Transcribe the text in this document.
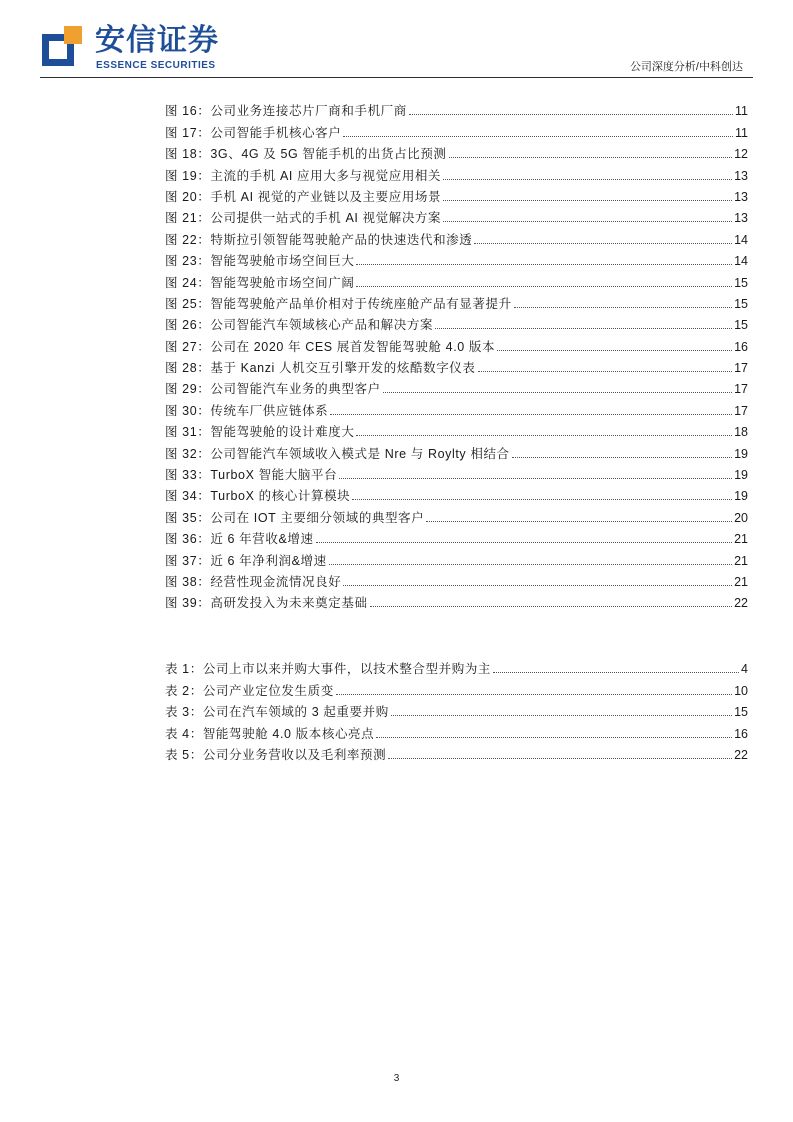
安信证券
ESSENCE SECURITIES	公司深度分析/中科创达
图 16：公司业务连接芯片厂商和手机厂商	11
图 17：公司智能手机核心客户	11
图 18：3G、4G 及 5G 智能手机的出货占比预测	12
图 19：主流的手机 AI 应用大多与视觉应用相关	13
图 20：手机 AI 视觉的产业链以及主要应用场景	13
图 21：公司提供一站式的手机 AI 视觉解决方案	13
图 22：特斯拉引领智能驾驶舱产品的快速迭代和渗透	14
图 23：智能驾驶舱市场空间巨大	14
图 24：智能驾驶舱市场空间广阔	15
图 25：智能驾驶舱产品单价相对于传统座舱产品有显著提升	15
图 26：公司智能汽车领域核心产品和解决方案	15
图 27：公司在 2020 年 CES 展首发智能驾驶舱 4.0 版本	16
图 28：基于 Kanzi 人机交互引擎开发的炫酷数字仪表	17
图 29：公司智能汽车业务的典型客户	17
图 30：传统车厂供应链体系	17
图 31：智能驾驶舱的设计难度大	18
图 32：公司智能汽车领域收入模式是 Nre 与 Roylty 相结合	19
图 33：TurboX 智能大脑平台	19
图 34：TurboX 的核心计算模块	19
图 35：公司在 IOT 主要细分领域的典型客户	20
图 36：近 6 年营收&增速	21
图 37：近 6 年净利润&增速	21
图 38：经营性现金流情况良好	21
图 39：高研发投入为未来奠定基础	22
表 1：公司上市以来并购大事件，以技术整合型并购为主	4
表 2：公司产业定位发生质变	10
表 3：公司在汽车领域的 3 起重要并购	15
表 4：智能驾驶舱 4.0 版本核心亮点	16
表 5：公司分业务营收以及毛利率预测	22
3
